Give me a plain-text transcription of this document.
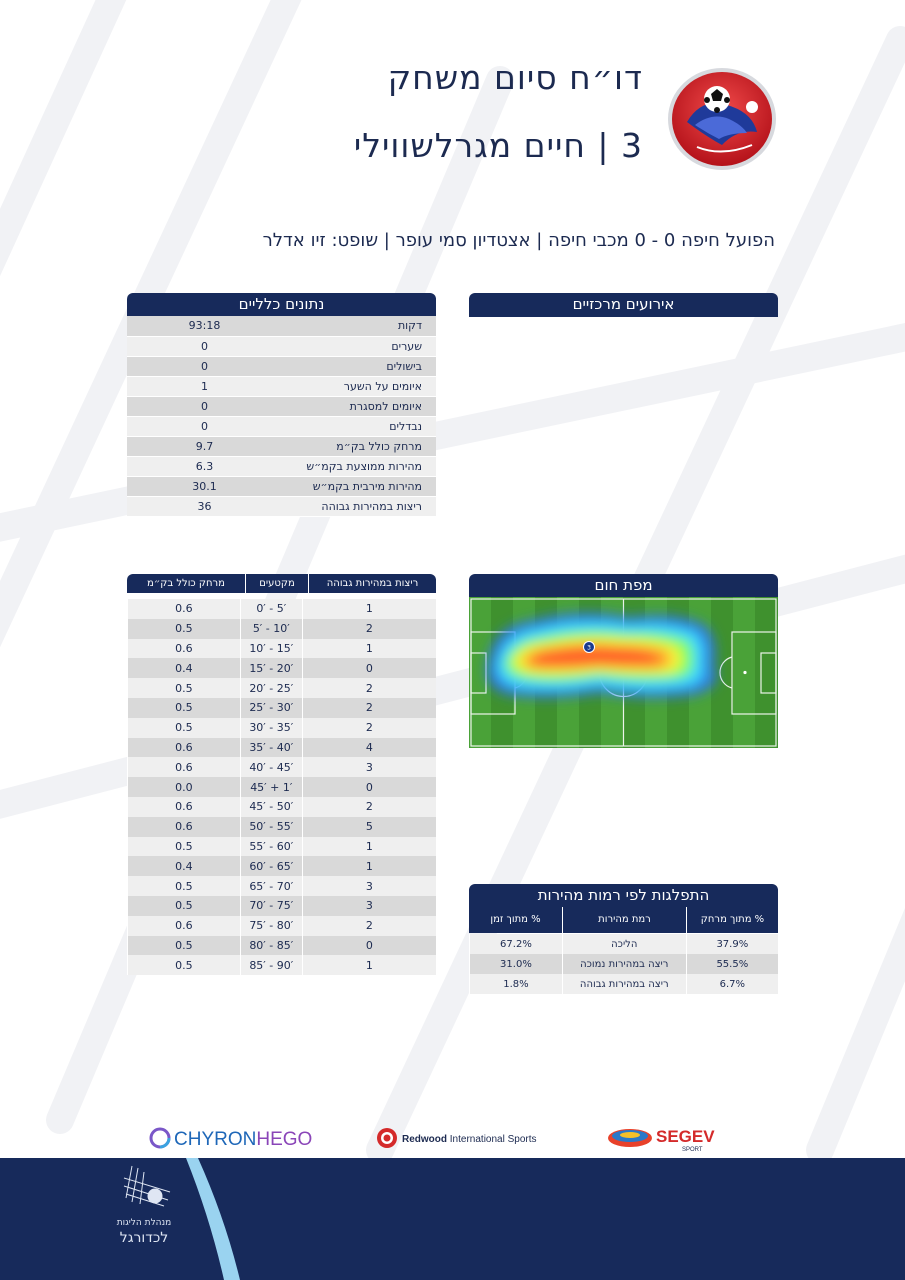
דו״ח סיום משחק
3 | חיים מגרלשווילי
הפועל חיפה 0 - 0 מכבי חיפה | אצטדיון סמי עופר | שופט: זיו אדלר
נתונים כלליים
93:18	דקות
0	שערים
0	בישולים
1	איומים על השער
0	איומים למסגרת
0	נבדלים
9.7	מרחק כולל בק״מ
6.3	מהירות ממוצעת בקמ״ש
30.1	מהירות מירבית בקמ״ש
36	ריצות במהירות גבוהה
אירועים מרכזיים
ריצות במהירות גבוהה
מקטעים
מרחק כולל בק״מ
1	0′ - 5′	0.6
2	5′ - 10′	0.5
1	10′ - 15′	0.6
0	15′ - 20′	0.4
2	20′ - 25′	0.5
2	25′ - 30′	0.5
2	30′ - 35′	0.5
4	35′ - 40′	0.6
3	40′ - 45′	0.6
0	45′ + 1′	0.0
2	45′ - 50′	0.6
5	50′ - 55′	0.6
1	55′ - 60′	0.5
1	60′ - 65′	0.4
3	65′ - 70′	0.5
3	70′ - 75′	0.5
2	75′ - 80′	0.6
0	80′ - 85′	0.5
1	85′ - 90′	0.5
מפת חום
3
התפלגות לפי רמות מהירות
% מתוך מרחק
רמת מהירות
% מתוך זמן
37.9%	הליכה	67.2%
55.5%	ריצה במהירות נמוכה	31.0%
6.7%	ריצה במהירות גבוהה	1.8%
CHYRONHEGO	Redwood International Sports	SEGEV
SPORT
מנהלת הליגות
לכדורגל
